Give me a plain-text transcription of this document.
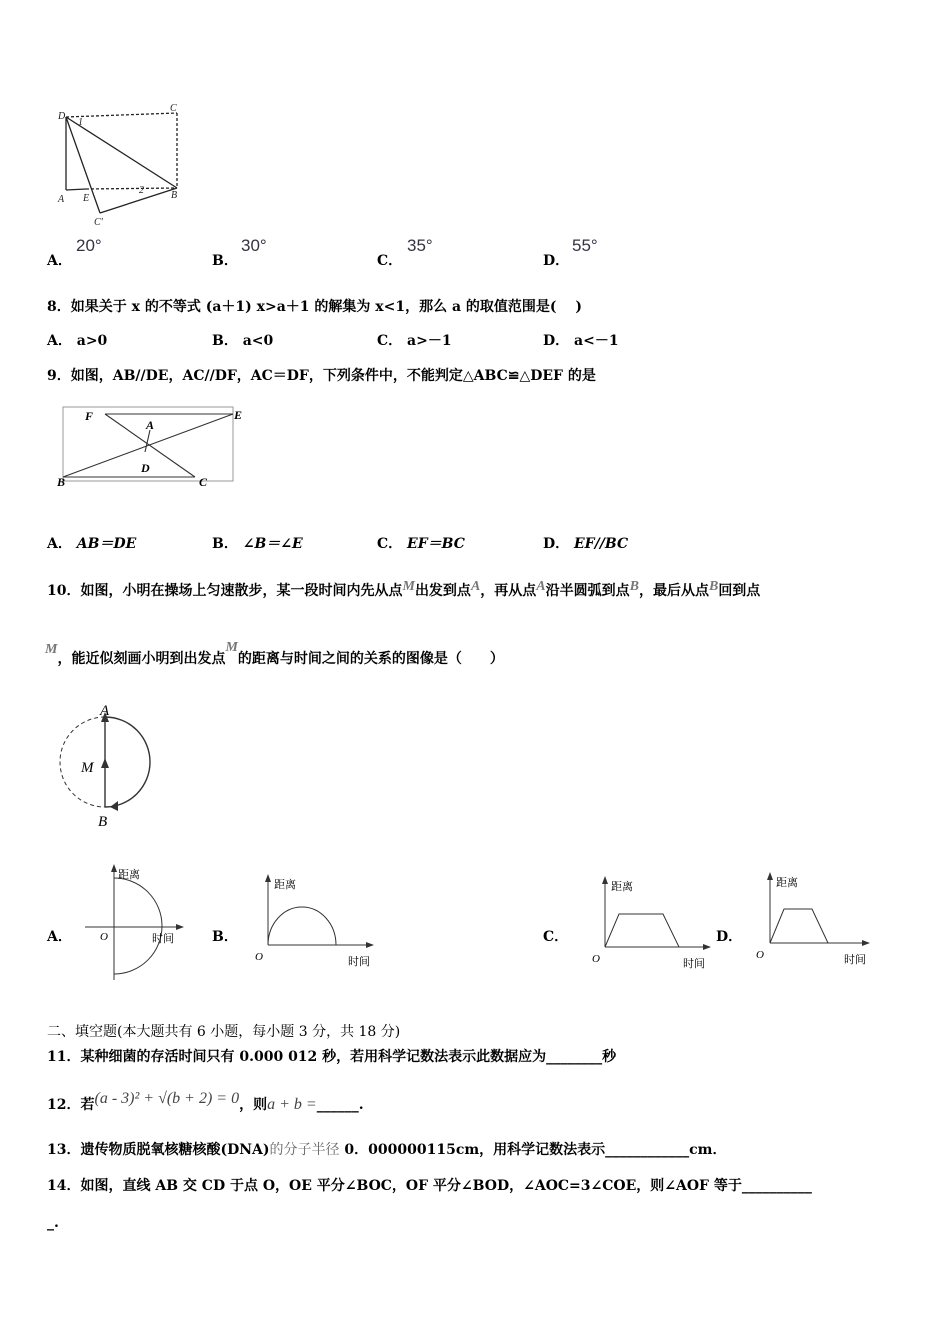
D
C
1
A E
2	B
C'
A．
20°
B．
30°
C．
35°
D．
55°
8．如果关于 x 的不等式 (a＋1) x>a＋1 的解集为 x<1，那么 a 的取值范围是(　 )
A． a>0	B． a<0	C． a>－1	D． a<－1
9．如图，AB//DE，AC//DF，AC＝DF，下列条件中，不能判定△ABC≌△DEF 的是
F
A
E
D
B	C
A． AB＝DE	B． ∠B＝∠E	C． EF＝BC	D． EF//BC
10．如图，小明在操场上匀速散步，某一段时间内先从点M出发到点A，再从点A沿半圆弧到点B，最后从点B回到点
M，能近似刻画小明到出发点M的距离与时间之间的关系的图像是（　　）
A
M
B
A．
距离
O	时间	B．
距离
O	时间
C．
距离
O	时间
D．
距离
O	时间
二、填空题(本大题共有 6 小题，每小题 3 分，共 18 分)
11．某种细菌的存活时间只有 0.000 012 秒，若用科学记数法表示此数据应为________秒
12．若(a - 3)² + √(b + 2) = 0，则a + b =______.
13．遗传物质脱氧核糖核酸(DNA)的分子半径 0．000000115cm，用科学记数法表示____________cm．
14．如图，直线 AB 交 CD 于点 O，OE 平分∠BOC，OF 平分∠BOD，∠AOC=3∠COE，则∠AOF 等于__________
_.
